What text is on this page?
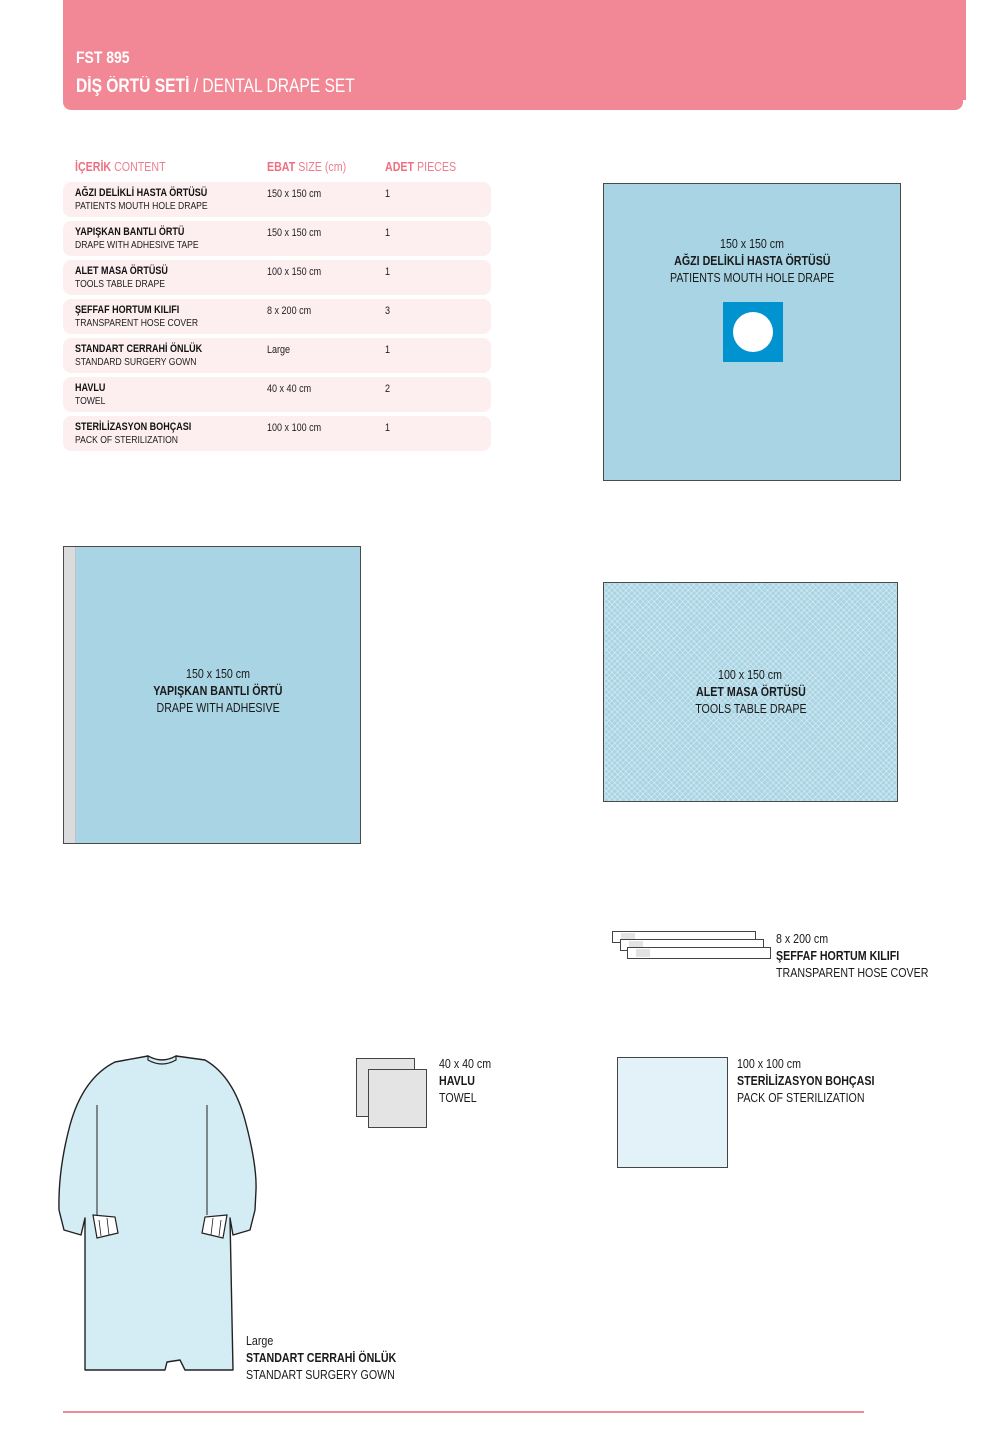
FST 895
DİŞ ÖRTÜ SETİ / DENTAL DRAPE SET
İÇERİK CONTENT	EBAT SIZE (cm)	ADET PIECES
AĞZI DELİKLİ HASTA ÖRTÜSÜ
PATIENTS MOUTH HOLE DRAPE
150 x 150 cm	1
YAPIŞKAN BANTLI ÖRTÜ
DRAPE WITH ADHESIVE TAPE
150 x 150 cm	1
ALET MASA ÖRTÜSÜ
TOOLS TABLE DRAPE
100 x 150 cm	1
ŞEFFAF HORTUM KILIFI
TRANSPARENT HOSE COVER
8 x 200 cm	3
STANDART CERRAHİ ÖNLÜK
STANDARD SURGERY GOWN
Large	1
HAVLU
TOWEL
40 x 40 cm	2
STERİLİZASYON BOHÇASI
PACK OF STERILIZATION
100 x 100 cm	1
150 x 150 cm
AĞZI DELİKLİ HASTA ÖRTÜSÜ
PATIENTS MOUTH HOLE DRAPE
150 x 150 cm
YAPIŞKAN BANTLI ÖRTÜ
DRAPE WITH ADHESIVE
100 x 150 cm
ALET MASA ÖRTÜSÜ
TOOLS TABLE DRAPE
8 x 200 cm
ŞEFFAF HORTUM KILIFI
TRANSPARENT HOSE COVER
40 x 40 cm
HAVLU
TOWEL
100 x 100 cm
STERİLİZASYON BOHÇASI
PACK OF STERILIZATION
Large
STANDART CERRAHİ ÖNLÜK
STANDART SURGERY GOWN
